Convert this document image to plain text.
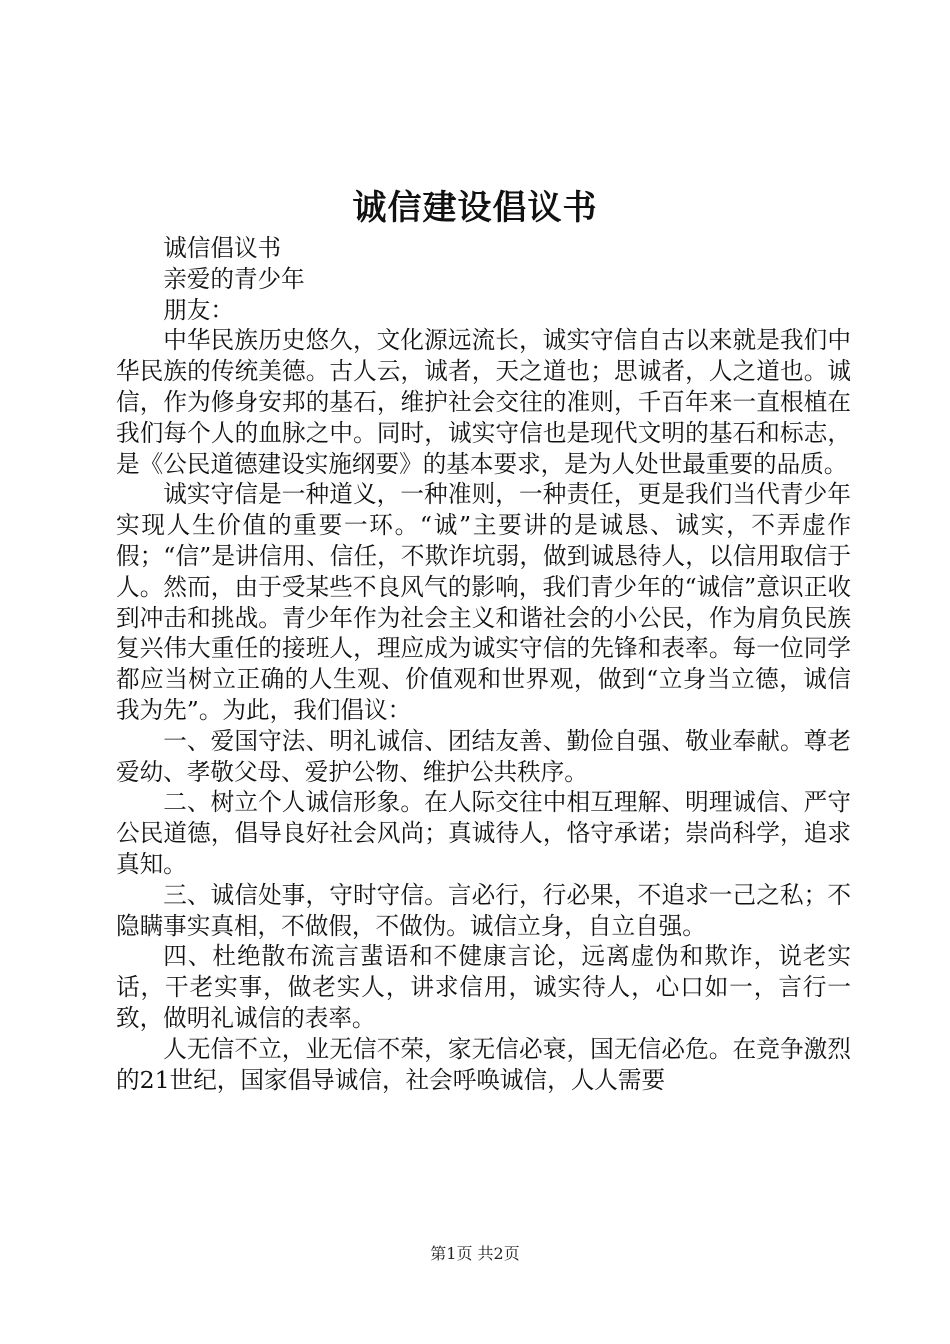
诚信建设倡议书

诚信倡议书

亲爱的青少年

朋友：

中华民族历史悠久，文化源远流长，诚实守信自古以来就是我们中华民族的传统美德。古人云，诚者，天之道也；思诚者，人之道也。诚信，作为修身安邦的基石，维护社会交往的准则，千百年来一直根植在我们每个人的血脉之中。同时，诚实守信也是现代文明的基石和标志，是《公民道德建设实施纲要》的基本要求，是为人处世最重要的品质。

诚实守信是一种道义，一种准则，一种责任，更是我们当代青少年实现人生价值的重要一环。“诚”主要讲的是诚恳、诚实，不弄虚作假；“信”是讲信用、信任，不欺诈坑弱，做到诚恳待人，以信用取信于人。然而，由于受某些不良风气的影响，我们青少年的“诚信”意识正收到冲击和挑战。青少年作为社会主义和谐社会的小公民，作为肩负民族复兴伟大重任的接班人，理应成为诚实守信的先锋和表率。每一位同学都应当树立正确的人生观、价值观和世界观，做到“立身当立德，诚信我为先”。为此，我们倡议：

一、爱国守法、明礼诚信、团结友善、勤俭自强、敬业奉献。尊老爱幼、孝敬父母、爱护公物、维护公共秩序。

二、树立个人诚信形象。在人际交往中相互理解、明理诚信、严守公民道德，倡导良好社会风尚；真诚待人，恪守承诺；崇尚科学，追求真知。

三、诚信处事，守时守信。言必行，行必果，不追求一己之私；不隐瞒事实真相，不做假，不做伪。诚信立身，自立自强。

四、杜绝散布流言蜚语和不健康言论，远离虚伪和欺诈，说老实话，干老实事，做老实人，讲求信用，诚实待人，心口如一，言行一致，做明礼诚信的表率。

人无信不立，业无信不荣，家无信必衰，国无信必危。在竞争激烈的21世纪，国家倡导诚信，社会呼唤诚信，人人需要

第1页 共2页
